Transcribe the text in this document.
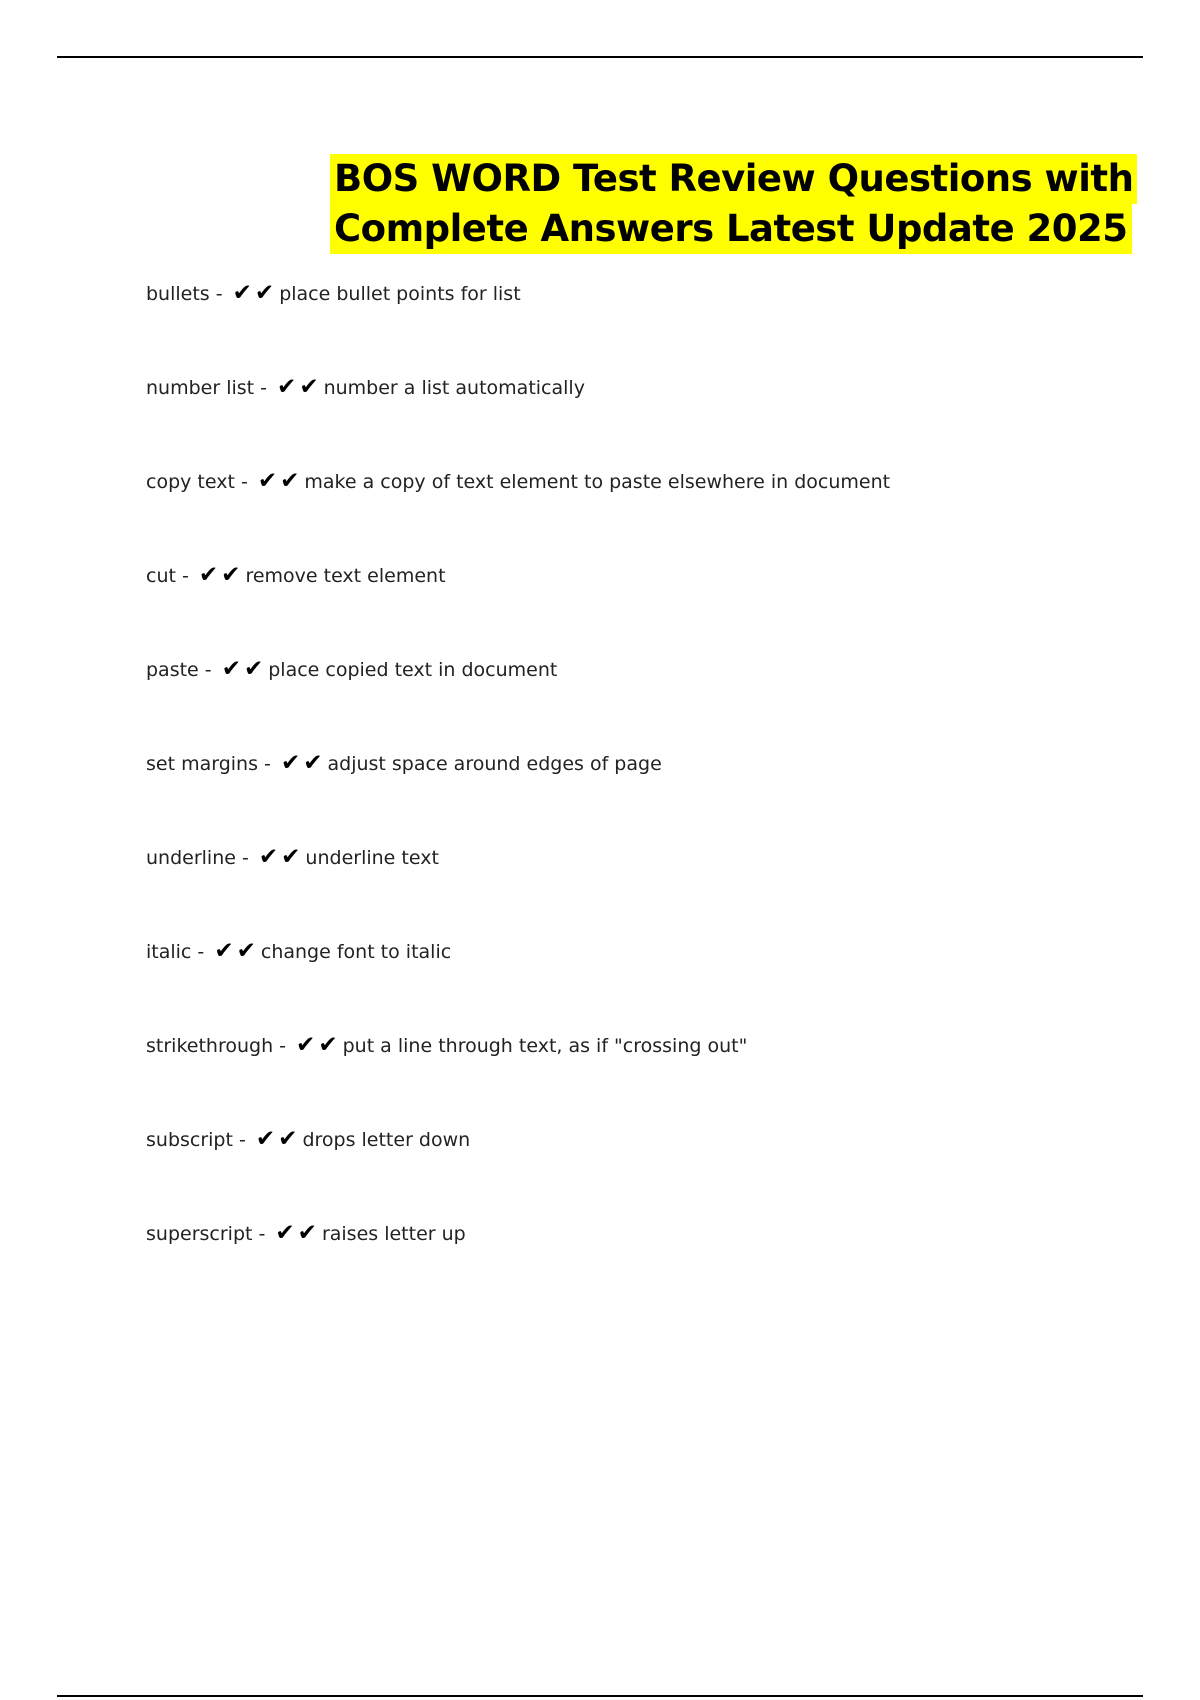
BOS WORD Test Review Questions with
Complete Answers Latest Update 2025
bullets - ✔✔ place bullet points for list
number list - ✔✔ number a list automatically
copy text - ✔✔ make a copy of text element to paste elsewhere in document
cut - ✔✔ remove text element
paste - ✔✔ place copied text in document
set margins - ✔✔ adjust space around edges of page
underline - ✔✔ underline text
italic - ✔✔ change font to italic
strikethrough - ✔✔ put a line through text, as if "crossing out"
subscript - ✔✔ drops letter down
superscript - ✔✔ raises letter up
